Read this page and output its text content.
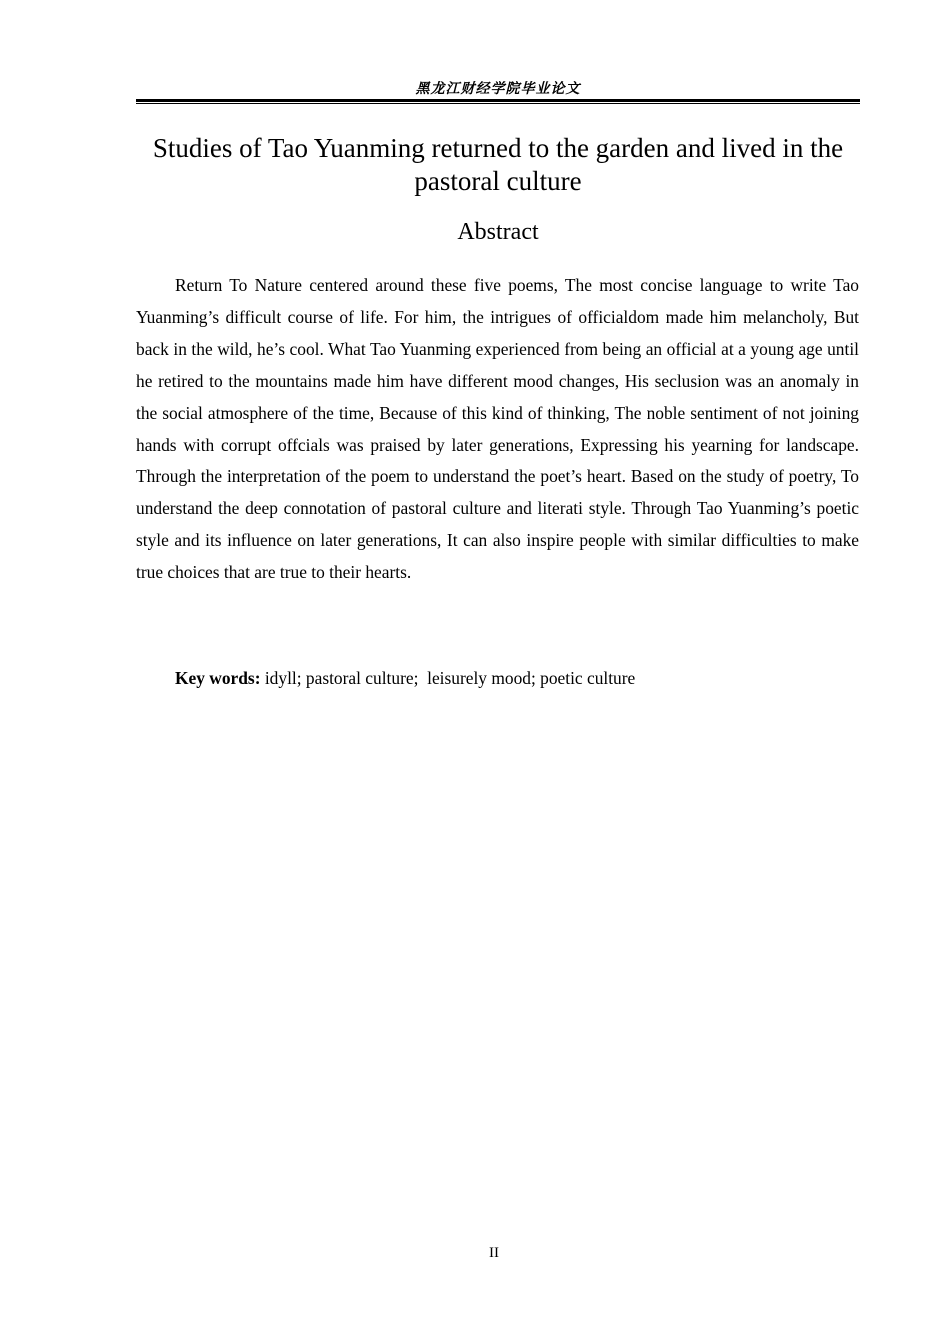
黑龙江财经学院毕业论文
Studies of Tao Yuanming returned to the garden and lived in the pastoral culture
Abstract

Return To Nature centered around these five poems, The most concise language to write Tao Yuanming’s difficult course of life. For him, the intrigues of officialdom made him melancholy, But back in the wild, he’s cool. What Tao Yuanming experienced from being an official at a young age until he retired to the mountains made him have different mood changes, His seclusion was an anomaly in the social atmosphere of the time, Because of this kind of thinking, The noble sentiment of not joining hands with corrupt offcials was praised by later generations, Expressing his yearning for landscape. Through the interpretation of the poem to understand the poet’s heart. Based on the study of poetry, To understand the deep connotation of pastoral culture and literati style. Through Tao Yuanming’s poetic style and its influence on later generations, It can also inspire people with similar difficulties to make true choices that are true to their hearts.

Key words: idyll; pastoral culture;  leisurely mood; poetic culture

II
